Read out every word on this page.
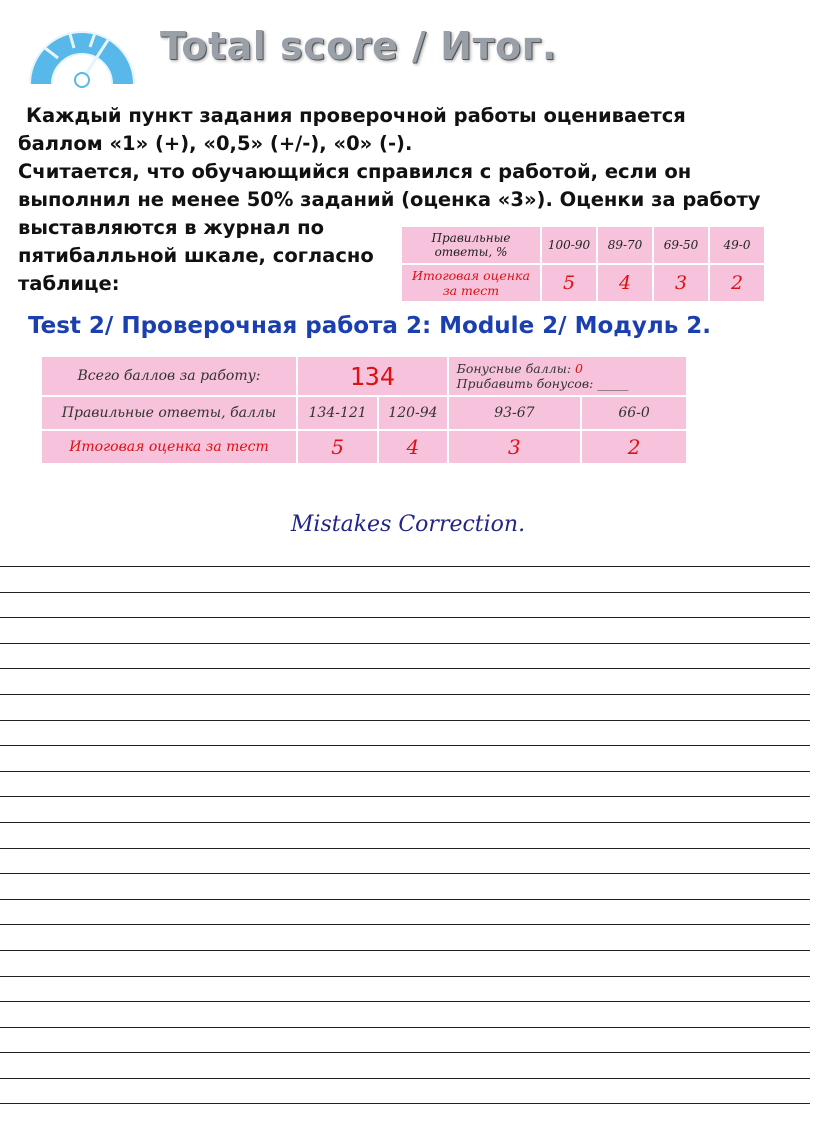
Total score / Итог.
Каждый пункт задания проверочной работы оценивается
баллом «1» (+), «0,5» (+/-), «0» (-).
Считается, что обучающийся справился с работой, если он
выполнил не менее 50% заданий (оценка «3»). Оценки за работу
выставляются в журнал по пятибалльной шкале, согласно таблице:
Правильные ответы, %	100-90	89-70	69-50	49-0
Итоговая оценка за тест	5	4	3	2
Test 2/ Проверочная работа 2: Module 2/ Модуль 2.
Всего баллов за работу:	134		Бонусные баллы: 0
Прибавить бонусов: _____	
Правильные ответы, баллы	134-121	120-94	93-67	66-0
Итоговая оценка за тест	5	4	3	2
Mistakes Correction.
